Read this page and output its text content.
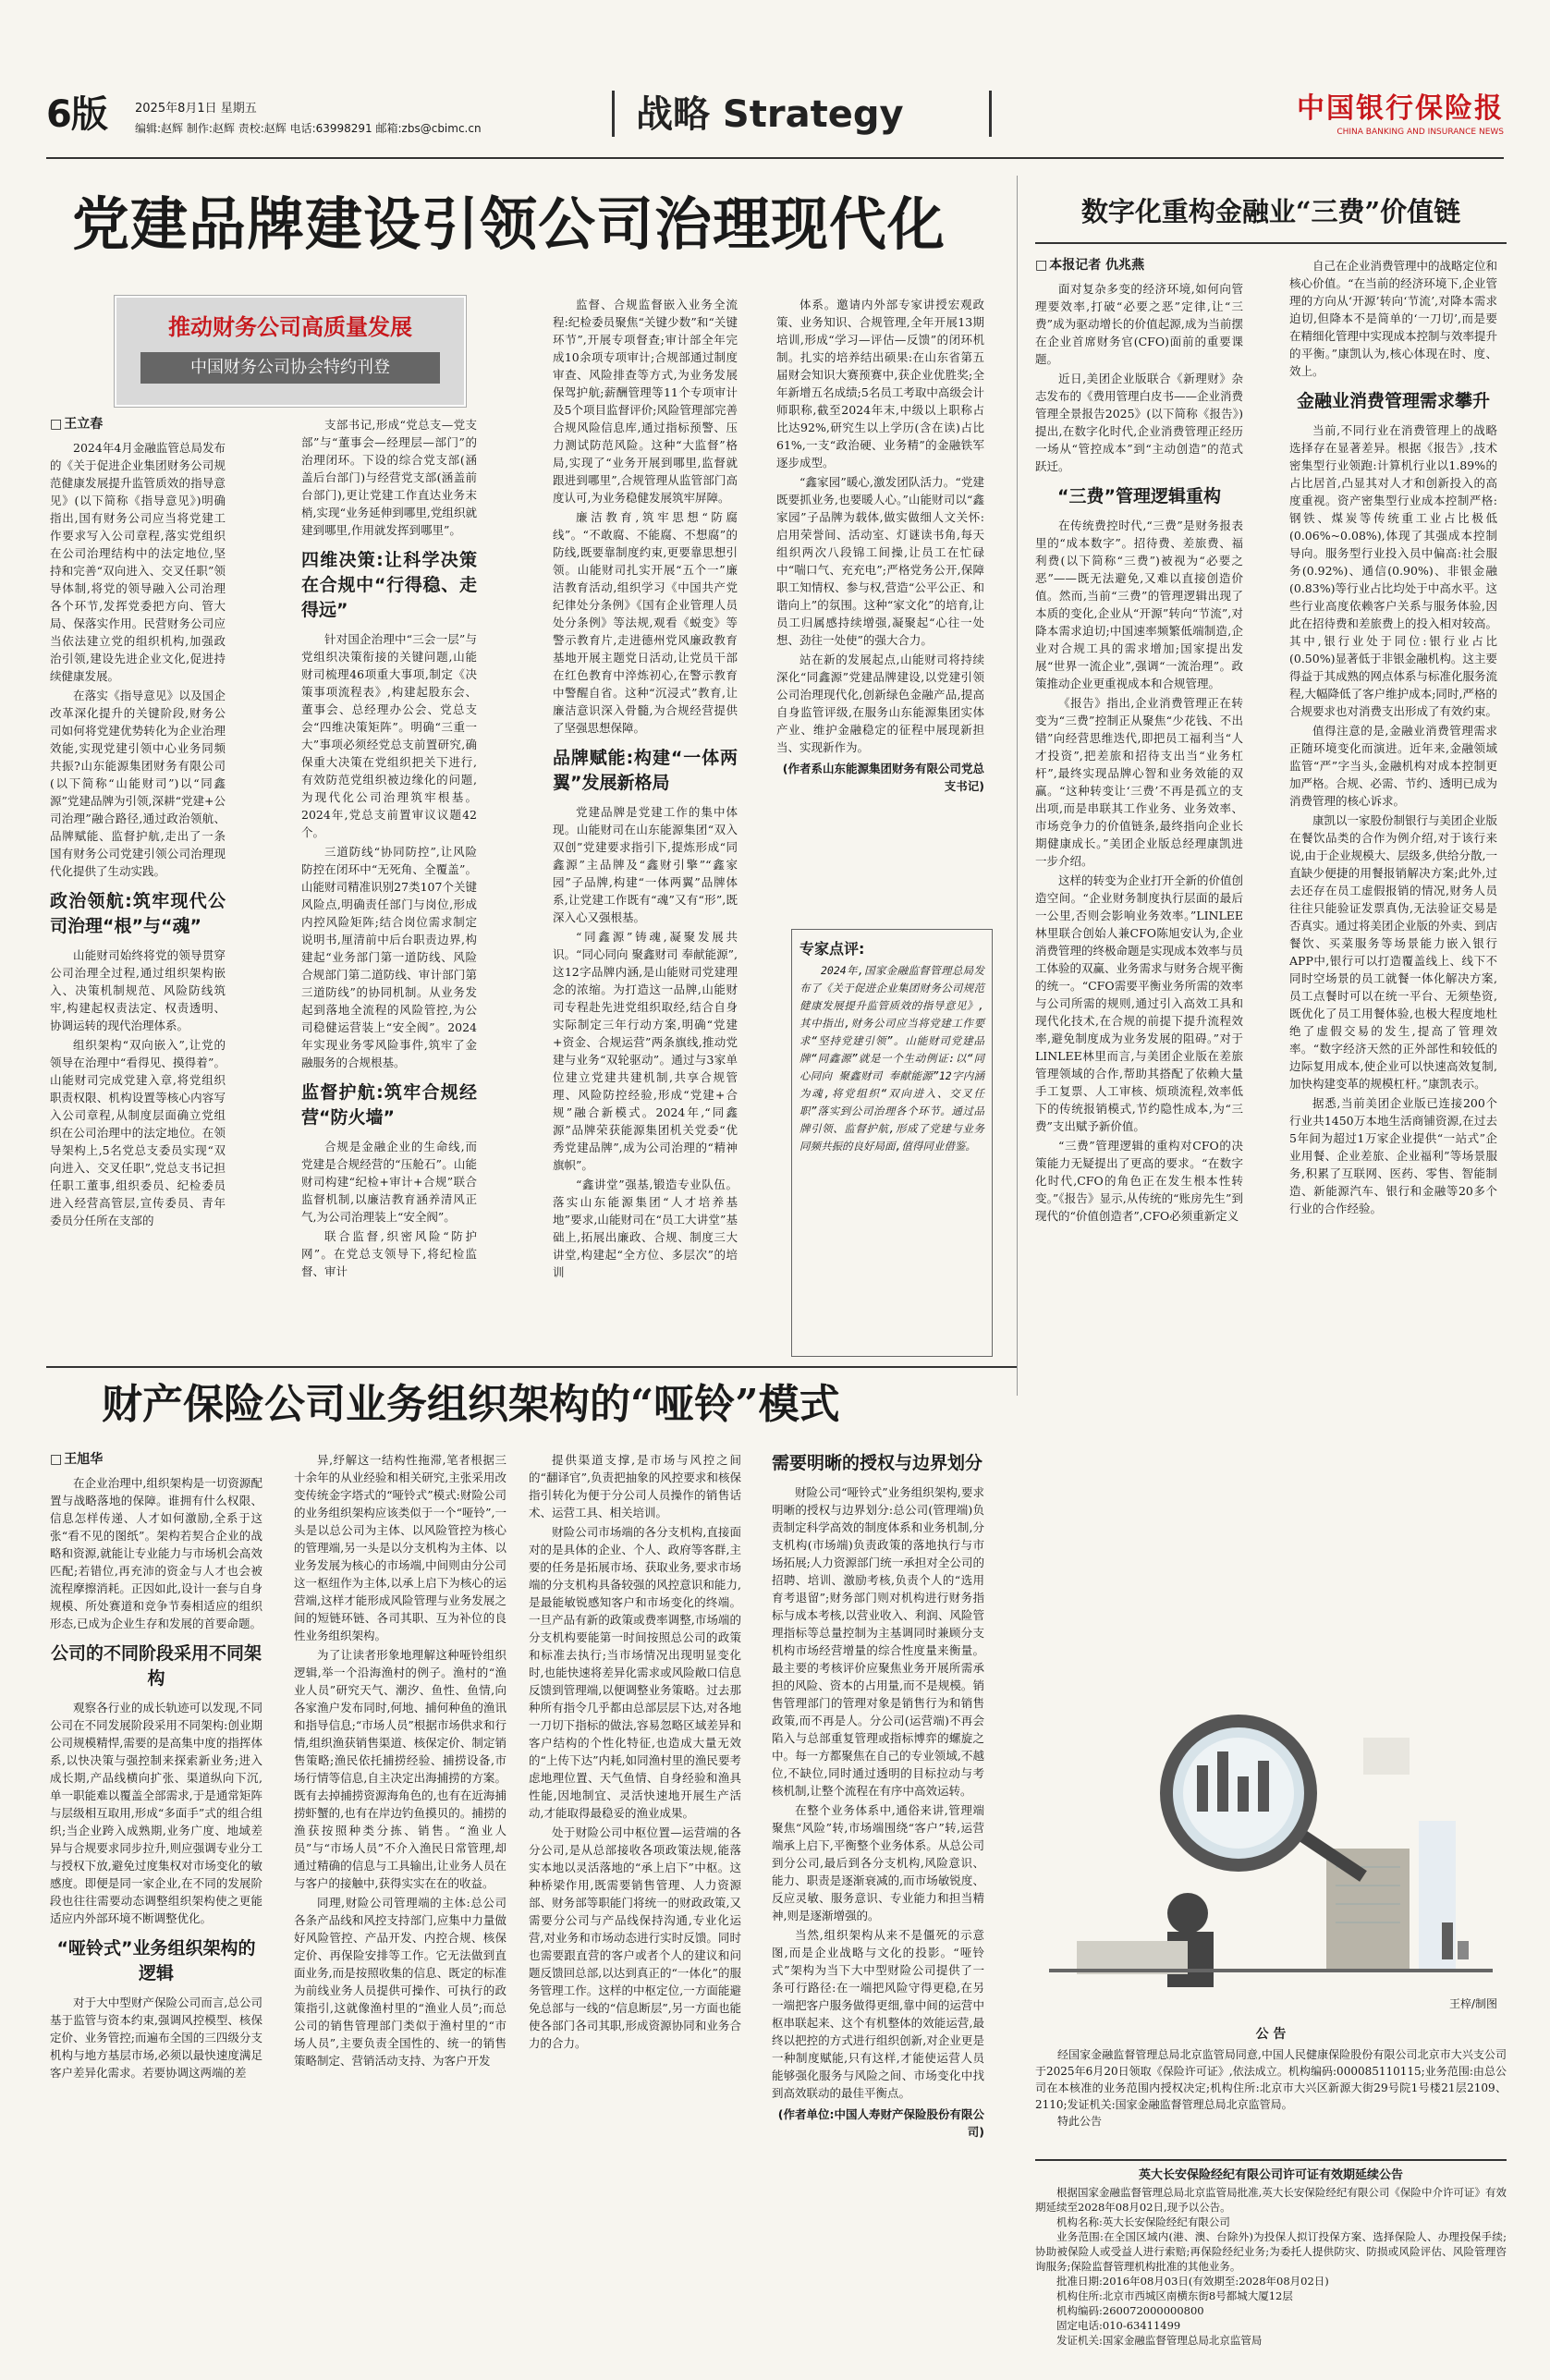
6版 2025年8月1日 星期五
编辑:赵辉 制作:赵辉 责校:赵辉 电话:63998291 邮箱:zbs@cbimc.cn	战略 Strategy	中国银行保险报
CHINA BANKING AND INSURANCE NEWS
党建品牌建设引领公司治理现代化
推动财务公司高质量发展
中国财务公司协会特约刊登
□ 王立春

2024年4月金融监管总局发布的《关于促进企业集团财务公司规范健康发展提升监管质效的指导意见》(以下简称《指导意见》)明确指出,国有财务公司应当将党建工作要求写入公司章程,落实党组织在公司治理结构中的法定地位,坚持和完善“双向进入、交叉任职”领导体制,将党的领导融入公司治理各个环节,发挥党委把方向、管大局、保落实作用。民营财务公司应当依法建立党的组织机构,加强政治引领,建设先进企业文化,促进持续健康发展。

在落实《指导意见》以及国企改革深化提升的关键阶段,财务公司如何将党建优势转化为企业治理效能,实现党建引领中心业务同频共振?山东能源集团财务有限公司(以下简称“山能财司”)以“同鑫源”党建品牌为引领,深耕“党建+公司治理”融合路径,通过政治领航、品牌赋能、监督护航,走出了一条国有财务公司党建引领公司治理现代化提供了生动实践。

政治领航:筑牢现代公司治理“根”与“魂”

山能财司始终将党的领导贯穿公司治理全过程,通过组织架构嵌入、决策机制规范、风险防线筑牢,构建起权责法定、权责透明、协调运转的现代治理体系。

组织架构“双向嵌入”,让党的领导在治理中“看得见、摸得着”。山能财司完成党建入章,将党组织职责权限、机构设置等核心内容写入公司章程,从制度层面确立党组织在公司治理中的法定地位。在领导架构上,5名党总支委员实现“双向进入、交叉任职”,党总支书记担任职工董事,组织委员、纪检委员进入经营高管层,宣传委员、青年委员分任所在支部的

支部书记,形成“党总支—党支部”与“董事会—经理层—部门”的治理闭环。下设的综合党支部(涵盖后台部门)与经营党支部(涵盖前台部门),更让党建工作直达业务末梢,实现“业务延伸到哪里,党组织就建到哪里,作用就发挥到哪里”。

四维决策:让科学决策在合规中“行得稳、走得远”

针对国企治理中“三会一层”与党组织决策衔接的关键问题,山能财司梳理46项重大事项,制定《决策事项流程表》,构建起股东会、董事会、总经理办公会、党总支会“四维决策矩阵”。明确“三重一大”事项必须经党总支前置研究,确保重大决策在党组织把关下进行,有效防范党组织被边缘化的问题,为现代化公司治理筑牢根基。2024年,党总支前置审议议题42个。

三道防线“协同防控”,让风险防控在闭环中“无死角、全覆盖”。山能财司精准识别27类107个关键风险点,明确责任部门与岗位,形成内控风险矩阵;结合岗位需求制定说明书,厘清前中后台职责边界,构建起“业务部门第一道防线、风险合规部门第二道防线、审计部门第三道防线”的协同机制。从业务发起到落地全流程的风险管控,为公司稳健运营装上“安全阀”。2024年实现业务零风险事件,筑牢了金融服务的合规根基。

监督护航:筑牢合规经营“防火墙”

合规是金融企业的生命线,而党建是合规经营的“压舱石”。山能财司构建“纪检+审计+合规”联合监督机制,以廉洁教育涵养清风正气,为公司治理装上“安全阀”。

联合监督,织密风险“防护网”。在党总支领导下,将纪检监督、审计

监督、合规监督嵌入业务全流程:纪检委员聚焦“关键少数”和“关键环节”,开展专项督查;审计部全年完成10余项专项审计;合规部通过制度审查、风险排查等方式,为业务发展保驾护航;薪酬管理等11个专项审计及5个项目监督评价;风险管理部完善合规风险信息库,通过指标预警、压力测试防范风险。这种“大监督”格局,实现了“业务开展到哪里,监督就跟进到哪里”,合规管理从监管部门高度认可,为业务稳健发展筑牢屏障。

廉洁教育,筑牢思想“防腐线”。“不敢腐、不能腐、不想腐”的防线,既要靠制度约束,更要靠思想引领。山能财司扎实开展“五个一”廉洁教育活动,组织学习《中国共产党纪律处分条例》《国有企业管理人员处分条例》等法规,观看《蜕变》等警示教育片,走进德州党风廉政教育基地开展主题党日活动,让党员干部在红色教育中淬炼初心,在警示教育中警醒自省。这种“沉浸式”教育,让廉洁意识深入骨髓,为合规经营提供了坚强思想保障。

品牌赋能:构建“一体两翼”发展新格局

党建品牌是党建工作的集中体现。山能财司在山东能源集团“双入双创”党建要求指引下,提炼形成“同鑫源”主品牌及“鑫财引擎”“鑫家园”子品牌,构建“一体两翼”品牌体系,让党建工作既有“魂”又有“形”,既深入心又强根基。

“同鑫源”铸魂,凝聚发展共识。“同心同向 聚鑫财司 奉献能源”,这12字品牌内涵,是山能财司党建理念的浓缩。为打造这一品牌,山能财司专程赴先进党组织取经,结合自身实际制定三年行动方案,明确“党建+资金、合规运营”两条旗线,推动党建与业务“双轮驱动”。通过与3家单位建立党建共建机制,共享合规管理、风险防控经验,形成“党建+合规”融合新模式。2024年,“同鑫源”品牌荣获能源集团机关党委“优秀党建品牌”,成为公司治理的“精神旗帜”。

“鑫讲堂”强基,锻造专业队伍。落实山东能源集团“人才培养基地”要求,山能财司在“员工大讲堂”基础上,拓展出廉政、合规、制度三大讲堂,构建起“全方位、多层次”的培训

体系。邀请内外部专家讲授宏观政策、业务知识、合规管理,全年开展13期培训,形成“学习—评估—反馈”的闭环机制。扎实的培养结出硕果:在山东省第五届财会知识大赛预赛中,获企业优胜奖;全年新增五名成绩;5名员工考取中高级会计师职称,截至2024年末,中级以上职称占比达92%,研究生以上学历(含在读)占比61%,一支“政治硬、业务精”的金融铁军逐步成型。

“鑫家园”暖心,激发团队活力。“党建既要抓业务,也要暖人心。”山能财司以“鑫家园”子品牌为载体,做实做细人文关怀:启用荣誉间、活动室、灯谜读书角,每天组织两次八段锦工间操,让员工在忙碌中“喘口气、充充电”;严格党务公开,保障职工知情权、参与权,营造“公平公正、和谐向上”的氛围。这种“家文化”的培育,让员工归属感持续增强,凝聚起“心往一处想、劲往一处使”的强大合力。

站在新的发展起点,山能财司将持续深化“同鑫源”党建品牌建设,以党建引领公司治理现代化,创新绿色金融产品,提高自身监管评级,在服务山东能源集团实体产业、维护金融稳定的征程中展现新担当、实现新作为。

(作者系山东能源集团财务有限公司党总支书记)
专家点评:
2024年,国家金融监督管理总局发布了《关于促进企业集团财务公司规范健康发展提升监管质效的指导意见》,其中指出,财务公司应当将党建工作要求“坚持党建引领”。山能财司党建品牌“同鑫源”就是一个生动例证:以“同心同向 聚鑫财司 奉献能源”12字内涵为魂,将党组织“双向进入、交叉任职”落实到公司治理各个环节。通过品牌引领、监督护航,形成了党建与业务同频共振的良好局面,值得同业借鉴。
数字化重构金融业“三费”价值链
□ 本报记者 仇兆燕

面对复杂多变的经济环境,如何向管理要效率,打破“必要之恶”定律,让“三费”成为驱动增长的价值起源,成为当前摆在企业首席财务官(CFO)面前的重要课题。

近日,美团企业版联合《新理财》杂志发布的《费用管理白皮书——企业消费管理全景报告2025》(以下简称《报告》)提出,在数字化时代,企业消费管理正经历一场从“管控成本”到“主动创造”的范式跃迁。

“三费”管理逻辑重构

在传统费控时代,“三费”是财务报表里的“成本数字”。招待费、差旅费、福利费(以下简称“三费”)被视为“必要之恶”——既无法避免,又难以直接创造价值。然而,当前“三费”的管理逻辑出现了本质的变化,企业从“开源”转向“节流”,对降本需求迫切;中国速率频繁低端制造,企业对合规工具的需求增加;国家提出发展“世界一流企业”,强调“一流治理”。政策推动企业更重视成本和合规管理。

《报告》指出,企业消费管理正在转变为“三费”控制正从聚焦“少花钱、不出错”向经营思维迭代,即把员工福利当“人才投资”,把差旅和招待支出当“业务杠杆”,最终实现品牌心智和业务效能的双赢。“这种转变让‘三费’不再是孤立的支出项,而是串联其工作业务、业务效率、市场竞争力的价值链条,最终指向企业长期健康成长。”美团企业版总经理康凯进一步介绍。

这样的转变为企业打开全新的价值创造空间。“企业财务制度执行层面的最后一公里,否则会影响业务效率。”LINLEE林里联合创始人兼CFO陈旭安认为,企业消费管理的终极命题是实现成本效率与员工体验的双赢、业务需求与财务合规平衡的统一。“CFO需要平衡业务所需的效率与公司所需的规则,通过引入高效工具和现代化技术,在合规的前提下提升流程效率,避免制度成为业务发展的阻碍。”对于LINLEE林里而言,与美团企业版在差旅管理领域的合作,帮助其搭配了依赖大量手工复票、人工审核、烦琐流程,效率低下的传统报销模式,节约隐性成本,为“三费”支出赋予新价值。

“三费”管理逻辑的重构对CFO的决策能力无疑提出了更高的要求。“在数字化时代,CFO的角色正在发生根本性转变。”《报告》显示,从传统的“账房先生”到现代的“价值创造者”,CFO必须重新定义

自己在企业消费管理中的战略定位和核心价值。“在当前的经济环境下,企业管理的方向从‘开源’转向‘节流’,对降本需求迫切,但降本不是简单的‘一刀切’,而是要在精细化管理中实现成本控制与效率提升的平衡。”康凯认为,核心体现在时、度、效上。

金融业消费管理需求攀升

当前,不同行业在消费管理上的战略选择存在显著差异。根据《报告》,技术密集型行业领跑:计算机行业以1.89%的占比居首,凸显其对人才和创新投入的高度重视。资产密集型行业成本控制严格:钢铁、煤炭等传统重工业占比极低(0.06%~0.08%),体现了其强成本控制导向。服务型行业投入员中偏高:社会服务(0.92%)、通信(0.90%)、非银金融(0.83%)等行业占比均处于中高水平。这些行业高度依赖客户关系与服务体验,因此在招待费和差旅费上的投入相对较高。其中,银行业处于同位:银行业占比(0.50%)显著低于非银金融机构。这主要得益于其成熟的网点体系与标准化服务流程,大幅降低了客户维护成本;同时,严格的合规要求也对消费支出形成了有效约束。

值得注意的是,金融业消费管理需求正随环境变化而演进。近年来,金融领域监管“严”字当头,金融机构对成本控制更加严格。合规、必需、节约、透明已成为消费管理的核心诉求。

康凯以一家股份制银行与美团企业版在餐饮品类的合作为例介绍,对于该行来说,由于企业规模大、层级多,供给分散,一直缺少便捷的用餐报销解决方案;此外,过去还存在员工虚假报销的情况,财务人员往往只能验证发票真伪,无法验证交易是否真实。通过将美团企业版的外卖、到店餐饮、买菜服务等场景能力嵌入银行APP中,银行可以打造覆盖线上、线下不同时空场景的员工就餐一体化解决方案,员工点餐时可以在统一平台、无须垫资,既优化了员工用餐体验,也极大程度地杜绝了虚假交易的发生,提高了管理效率。“数字经济天然的正外部性和较低的边际复用成本,使企业可以快速高效复制,加快构建变革的规模杠杆。”康凯表示。

据悉,当前美团企业版已连接200个行业共1450万本地生活商铺资源,在过去5年间为超过1万家企业提供“一站式”企业用餐、企业差旅、企业福利”等场景服务,积累了互联网、医药、零售、智能制造、新能源汽车、银行和金融等20多个行业的合作经验。

财产保险公司业务组织架构的“哑铃”模式
□ 王旭华

在企业治理中,组织架构是一切资源配置与战略落地的保障。谁拥有什么权限、信息怎样传递、人才如何激励,全系于这张“看不见的图纸”。架构若契合企业的战略和资源,就能让专业能力与市场机会高效匹配;若错位,再充沛的资金与人才也会被流程摩擦消耗。正因如此,设计一套与自身规模、所处赛道和竞争节奏相适应的组织形态,已成为企业生存和发展的首要命题。

公司的不同阶段采用不同架构

观察各行业的成长轨迹可以发现,不同公司在不同发展阶段采用不同架构:创业期公司规模精悍,需要的是高集中度的指挥体系,以快决策与强控制来探索新业务;进入成长期,产品线横向扩张、渠道纵向下沉,单一职能难以覆盖全部需求,于是通常矩阵与层级相互取用,形成“多面手”式的组合组织;当企业跨入成熟期,业务广度、地域差异与合规要求同步拉升,则应强调专业分工与授权下放,避免过度集权对市场变化的敏感度。即便是同一家企业,在不同的发展阶段也往往需要动态调整组织架构使之更能适应内外部环境不断调整优化。

“哑铃式”业务组织架构的逻辑

对于大中型财产保险公司而言,总公司基于监管与资本约束,强调风控模型、核保定价、业务管控;而遍布全国的三四级分支机构与地方基层市场,必须以最快速度满足客户差异化需求。若要协调这两端的差

异,纾解这一结构性拖滞,笔者根据三十余年的从业经验和相关研究,主张采用改变传统金字塔式的“哑铃式”模式:财险公司的业务组织架构应该类似于一个“哑铃”,一头是以总公司为主体、以风险管控为核心的管理端,另一头是以分支机构为主体、以业务发展为核心的市场端,中间则由分公司这一枢纽作为主体,以承上启下为核心的运营端,这样才能形成风险管理与业务发展之间的短链环链、各司其职、互为补位的良性业务组织架构。

为了让读者形象地理解这种哑铃组织逻辑,举一个沿海渔村的例子。渔村的“渔业人员”研究天气、潮汐、鱼性、鱼情,向各家渔户发布同时,何地、捕何种鱼的渔讯和指导信息;“市场人员”根据市场供求和行情,组织渔获销售渠道、核保定价、制定销售策略;渔民依托捕捞经验、捕捞设备,市场行情等信息,自主决定出海捕捞的方案。既有去掉捕捞资源海角色的,也有在近海捕捞虾蟹的,也有在岸边钓鱼摸贝的。捕捞的渔获按照种类分拣、销售。“渔业人员”与“市场人员”不介入渔民日常管理,却通过精确的信息与工具输出,让业务人员在与客户的接触中,获得实实在在的收益。

同理,财险公司管理端的主体:总公司各条产品线和风控支持部门,应集中力量做好风险管控、产品开发、内控合规、核保定价、再保险安排等工作。它无法做到直面业务,而是按照收集的信息、既定的标准为前线业务人员提供可操作、可执行的政策指引,这就像渔村里的“渔业人员”;而总公司的销售管理部门类似于渔村里的“市场人员”,主要负责全国性的、统一的销售策略制定、营销活动支持、为客户开发

提供渠道支撑,是市场与风控之间的“翻译官”,负责把抽象的风控要求和核保指引转化为便于分公司人员操作的销售话术、运营工具、相关培训。

财险公司市场端的各分支机构,直接面对的是具体的企业、个人、政府等客群,主要的任务是拓展市场、获取业务,要求市场端的分支机构具备较强的风控意识和能力,是最能敏锐感知客户和市场变化的终端。一旦产品有新的政策或费率调整,市场端的分支机构要能第一时间按照总公司的政策和标准去执行;当市场情况出现明显变化时,也能快速将差异化需求或风险敞口信息反馈到管理端,以便调整业务策略。过去那种所有指令几乎都由总部层层下达,对各地一刀切下指标的做法,容易忽略区域差异和客户结构的个性化特征,也造成大量无效的“上传下达”内耗,如同渔村里的渔民要考虑地理位置、天气鱼情、自身经验和渔具性能,因地制宜、灵活快速地开展生产活动,才能取得最稳妥的渔业成果。

处于财险公司中枢位置—运营端的各分公司,是从总部接收各项政策法规,能落实本地以灵活落地的“承上启下”中枢。这种桥梁作用,既需要销售管理、人力资源部、财务部等职能门将统一的财政政策,又需要分公司与产品线保持沟通,专业化运营,对业务和市场动态进行实时反馈。同时也需要跟直营的客户或者个人的建议和问题反馈回总部,以达到真正的“一体化”的服务管理工作。这样的中枢定位,一方面能避免总部与一线的“信息断层”,另一方面也能使各部门各司其职,形成资源协同和业务合力的合力。

需要明晰的授权与边界划分

财险公司“哑铃式”业务组织架构,要求明晰的授权与边界划分:总公司(管理端)负责制定科学高效的制度体系和业务机制,分支机构(市场端)负责政策的落地执行与市场拓展;人力资源部门统一承担对全公司的招聘、培训、激励考核,负责个人的“选用育考退留”;财务部门则对机构进行财务指标与成本考核,以营业收入、利润、风险管理指标等总量控制为主基调同时兼顾分支机构市场经营增量的综合性度量来衡量。最主要的考核评价应聚焦业务开展所需承担的风险、资本的占用量,而不是规模。销售管理部门的管理对象是销售行为和销售政策,而不再是人。分公司(运营端)不再会陷入与总部重复管理或指标博弈的螺旋之中。每一方都聚焦在自己的专业领域,不越位,不缺位,同时通过透明的目标拉动与考核机制,让整个流程在有序中高效运转。

在整个业务体系中,通俗来讲,管理端聚焦“风险”转,市场端围绕“客户”转,运营端承上启下,平衡整个业务体系。从总公司到分公司,最后到各分支机构,风险意识、能力、职责是逐渐衰减的,而市场敏锐度、反应灵敏、服务意识、专业能力和担当精神,则是逐渐增强的。

当然,组织架构从来不是僵死的示意图,而是企业战略与文化的投影。“哑铃式”架构为当下大中型财险公司提供了一条可行路径:在一端把风险守得更稳,在另一端把客户服务做得更细,靠中间的运营中枢串联起来、这个有机整体的效能运营,最终以把控的方式进行组织创新,对企业更是一种制度赋能,只有这样,才能使运营人员能够强化服务与风险之间、市场变化中找到高效联动的最佳平衡点。

(作者单位:中国人寿财产保险股份有限公司)
王梓/制图
公 告
经国家金融监督管理总局北京监管局同意,中国人民健康保险股份有限公司北京市大兴支公司于2025年6月20日领取《保险许可证》,依法成立。机构编码:000085110115;业务范围:由总公司在本核准的业务范围内授权决定;机构住所:北京市大兴区新源大街29号院1号楼21层2109、2110;发证机关:国家金融监督管理总局北京监管局。
特此公告
英大长安保险经纪有限公司许可证有效期延续公告
根据国家金融监督管理总局北京监管局批准,英大长安保险经纪有限公司《保险中介许可证》有效期延续至2028年08月02日,现予以公告。
机构名称:英大长安保险经纪有限公司
业务范围:在全国区域内(港、澳、台除外)为投保人拟订投保方案、选择保险人、办理投保手续;协助被保险人或受益人进行索赔;再保险经纪业务;为委托人提供防灾、防损或风险评估、风险管理咨询服务;保险监督管理机构批准的其他业务。
批准日期:2016年08月03日(有效期至:2028年08月02日)
机构住所:北京市西城区南横东街8号都城大厦12层
机构编码:260072000000800
固定电话:010-63411499
发证机关:国家金融监督管理总局北京监管局
